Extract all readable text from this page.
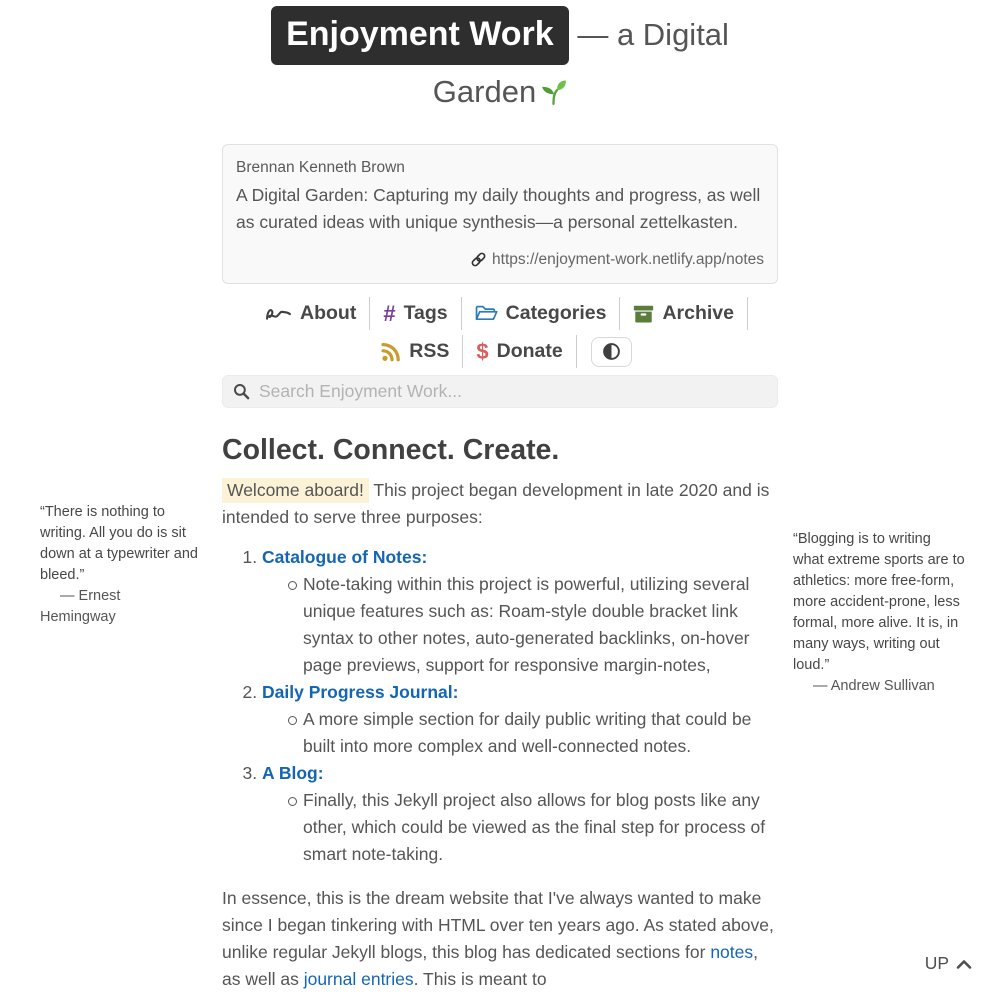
Enjoyment Work — a Digital Garden
Brennan Kenneth Brown
A Digital Garden: Capturing my daily thoughts and progress, as well as curated ideas with unique synthesis—a personal zettelkasten.
https://enjoyment-work.netlify.app/notes
About # Tags	Categories	Archive
RSS $ Donate
Search Enjoyment Work...
Collect. Connect. Create.

Welcome aboard! This project began development in late 2020 and is intended to serve three purposes:

1. Catalogue of Notes:
Note-taking within this project is powerful, utilizing several unique features such as: Roam-style double bracket link syntax to other notes, auto-generated backlinks, on-hover page previews, support for responsive margin-notes,
2. Daily Progress Journal:
A more simple section for daily public writing that could be built into more complex and well-connected notes.
3. A Blog:
Finally, this Jekyll project also allows for blog posts like any other, which could be viewed as the final step for process of smart note-taking.

In essence, this is the dream website that I've always wanted to make since I began tinkering with HTML over ten years ago. As stated above, unlike regular Jekyll blogs, this blog has dedicated sections for notes, as well as journal entries. This is meant to

“There is nothing to writing. All you do is sit down at a typewriter and bleed.”
— Ernest Hemingway
“Blogging is to writing what extreme sports are to athletics: more free-form, more accident-prone, less formal, more alive. It is, in many ways, writing out loud.”
— Andrew Sullivan
UP
